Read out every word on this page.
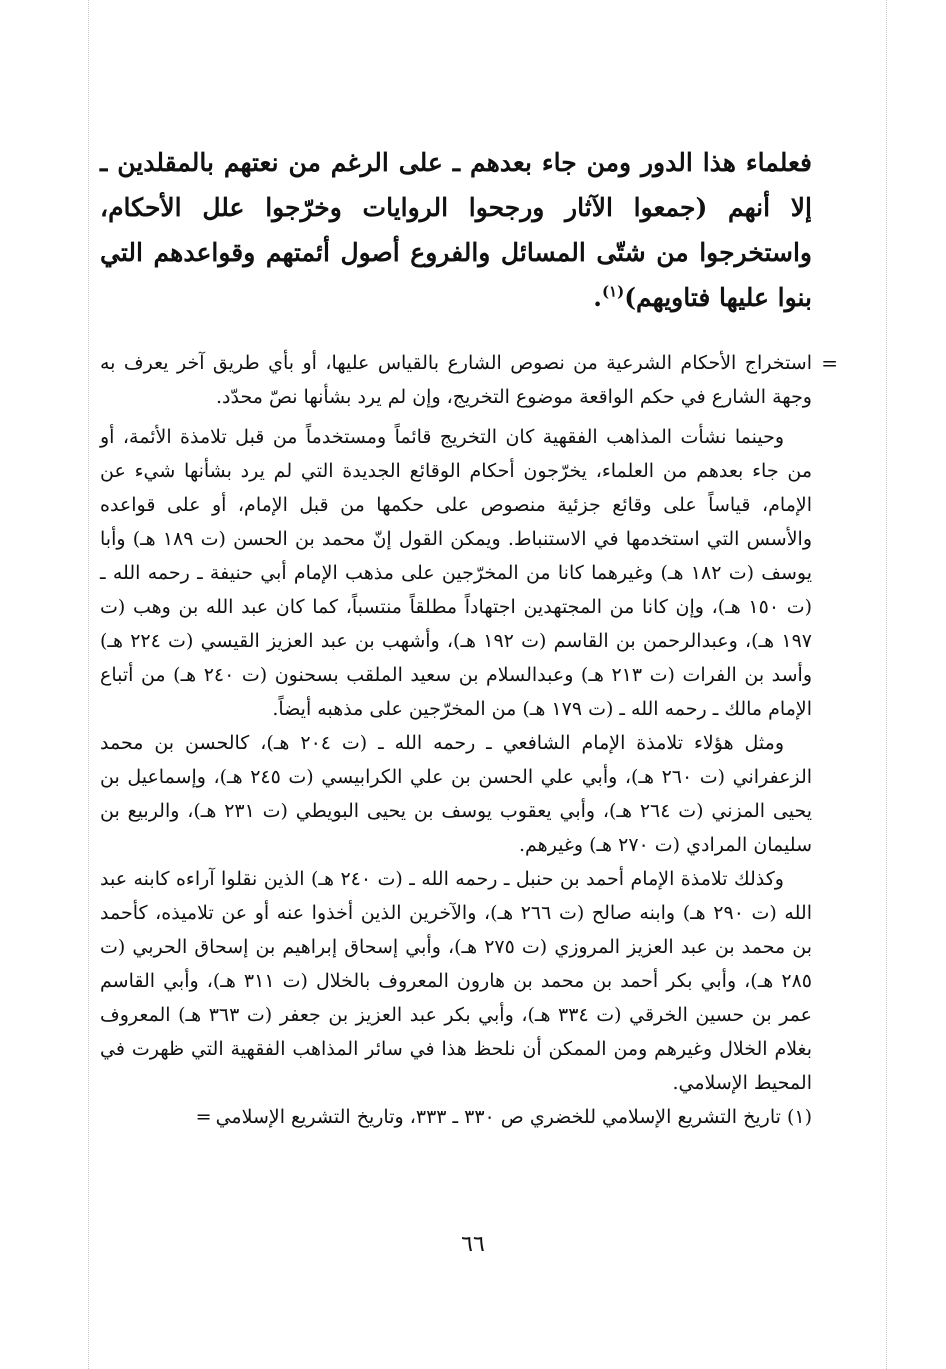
فعلماء هذا الدور ومن جاء بعدهم ـ على الرغم من نعتهم بالمقلدين ـ إلا أنهم (جمعوا الآثار ورجحوا الروايات وخرّجوا علل الأحكام، واستخرجوا من شتّى المسائل والفروع أصول أئمتهم وقواعدهم التي بنوا عليها فتاويهم)$^{(١)}$.

=
استخراج الأحكام الشرعية من نصوص الشارع بالقياس عليها، أو بأي طريق آخر يعرف به وجهة الشارع في حكم الواقعة موضوع التخريج، وإن لم يرد بشأنها نصّ محدّد.

وحينما نشأت المذاهب الفقهية كان التخريج قائماً ومستخدماً من قبل تلامذة الأئمة، أو من جاء بعدهم من العلماء، يخرّجون أحكام الوقائع الجديدة التي لم يرد بشأنها شيء عن الإمام، قياساً على وقائع جزئية منصوص على حكمها من قبل الإمام، أو على قواعده والأسس التي استخدمها في الاستنباط. ويمكن القول إنّ محمد بن الحسن (ت ١٨٩ هـ) وأبا يوسف (ت ١٨٢ هـ) وغيرهما كانا من المخرّجين على مذهب الإمام أبي حنيفة ـ رحمه الله ـ (ت ١٥٠ هـ)، وإن كانا من المجتهدين اجتهاداً مطلقاً منتسباً، كما كان عبد الله بن وهب (ت ١٩٧ هـ)، وعبدالرحمن بن القاسم (ت ١٩٢ هـ)، وأشهب بن عبد العزيز القيسي (ت ٢٢٤ هـ) وأسد بن الفرات (ت ٢١٣ هـ) وعبدالسلام بن سعيد الملقب بسحنون (ت ٢٤٠ هـ) من أتباع الإمام مالك ـ رحمه الله ـ (ت ١٧٩ هـ) من المخرّجين على مذهبه أيضاً.

ومثل هؤلاء تلامذة الإمام الشافعي ـ رحمه الله ـ (ت ٢٠٤ هـ)، كالحسن بن محمد الزعفراني (ت ٢٦٠ هـ)، وأبي علي الحسن بن علي الكرابيسي (ت ٢٤٥ هـ)، وإسماعيل بن يحيى المزني (ت ٢٦٤ هـ)، وأبي يعقوب يوسف بن يحيى البويطي (ت ٢٣١ هـ)، والربيع بن سليمان المرادي (ت ٢٧٠ هـ) وغيرهم.

وكذلك تلامذة الإمام أحمد بن حنبل ـ رحمه الله ـ (ت ٢٤٠ هـ) الذين نقلوا آراءه كابنه عبد الله (ت ٢٩٠ هـ) وابنه صالح (ت ٢٦٦ هـ)، والآخرين الذين أخذوا عنه أو عن تلاميذه، كأحمد بن محمد بن عبد العزيز المروزي (ت ٢٧٥ هـ)، وأبي إسحاق إبراهيم بن إسحاق الحربي (ت ٢٨٥ هـ)، وأبي بكر أحمد بن محمد بن هارون المعروف بالخلال (ت ٣١١ هـ)، وأبي القاسم عمر بن حسين الخرقي (ت ٣٣٤ هـ)، وأبي بكر عبد العزيز بن جعفر (ت ٣٦٣ هـ) المعروف بغلام الخلال وغيرهم ومن الممكن أن نلحظ هذا في سائر المذاهب الفقهية التي ظهرت في المحيط الإسلامي.

(١)تاريخ التشريع الإسلامي للخضري ص ٣٣٠ ـ ٣٣٣، وتاريخ التشريع الإسلامي=

٦٦
